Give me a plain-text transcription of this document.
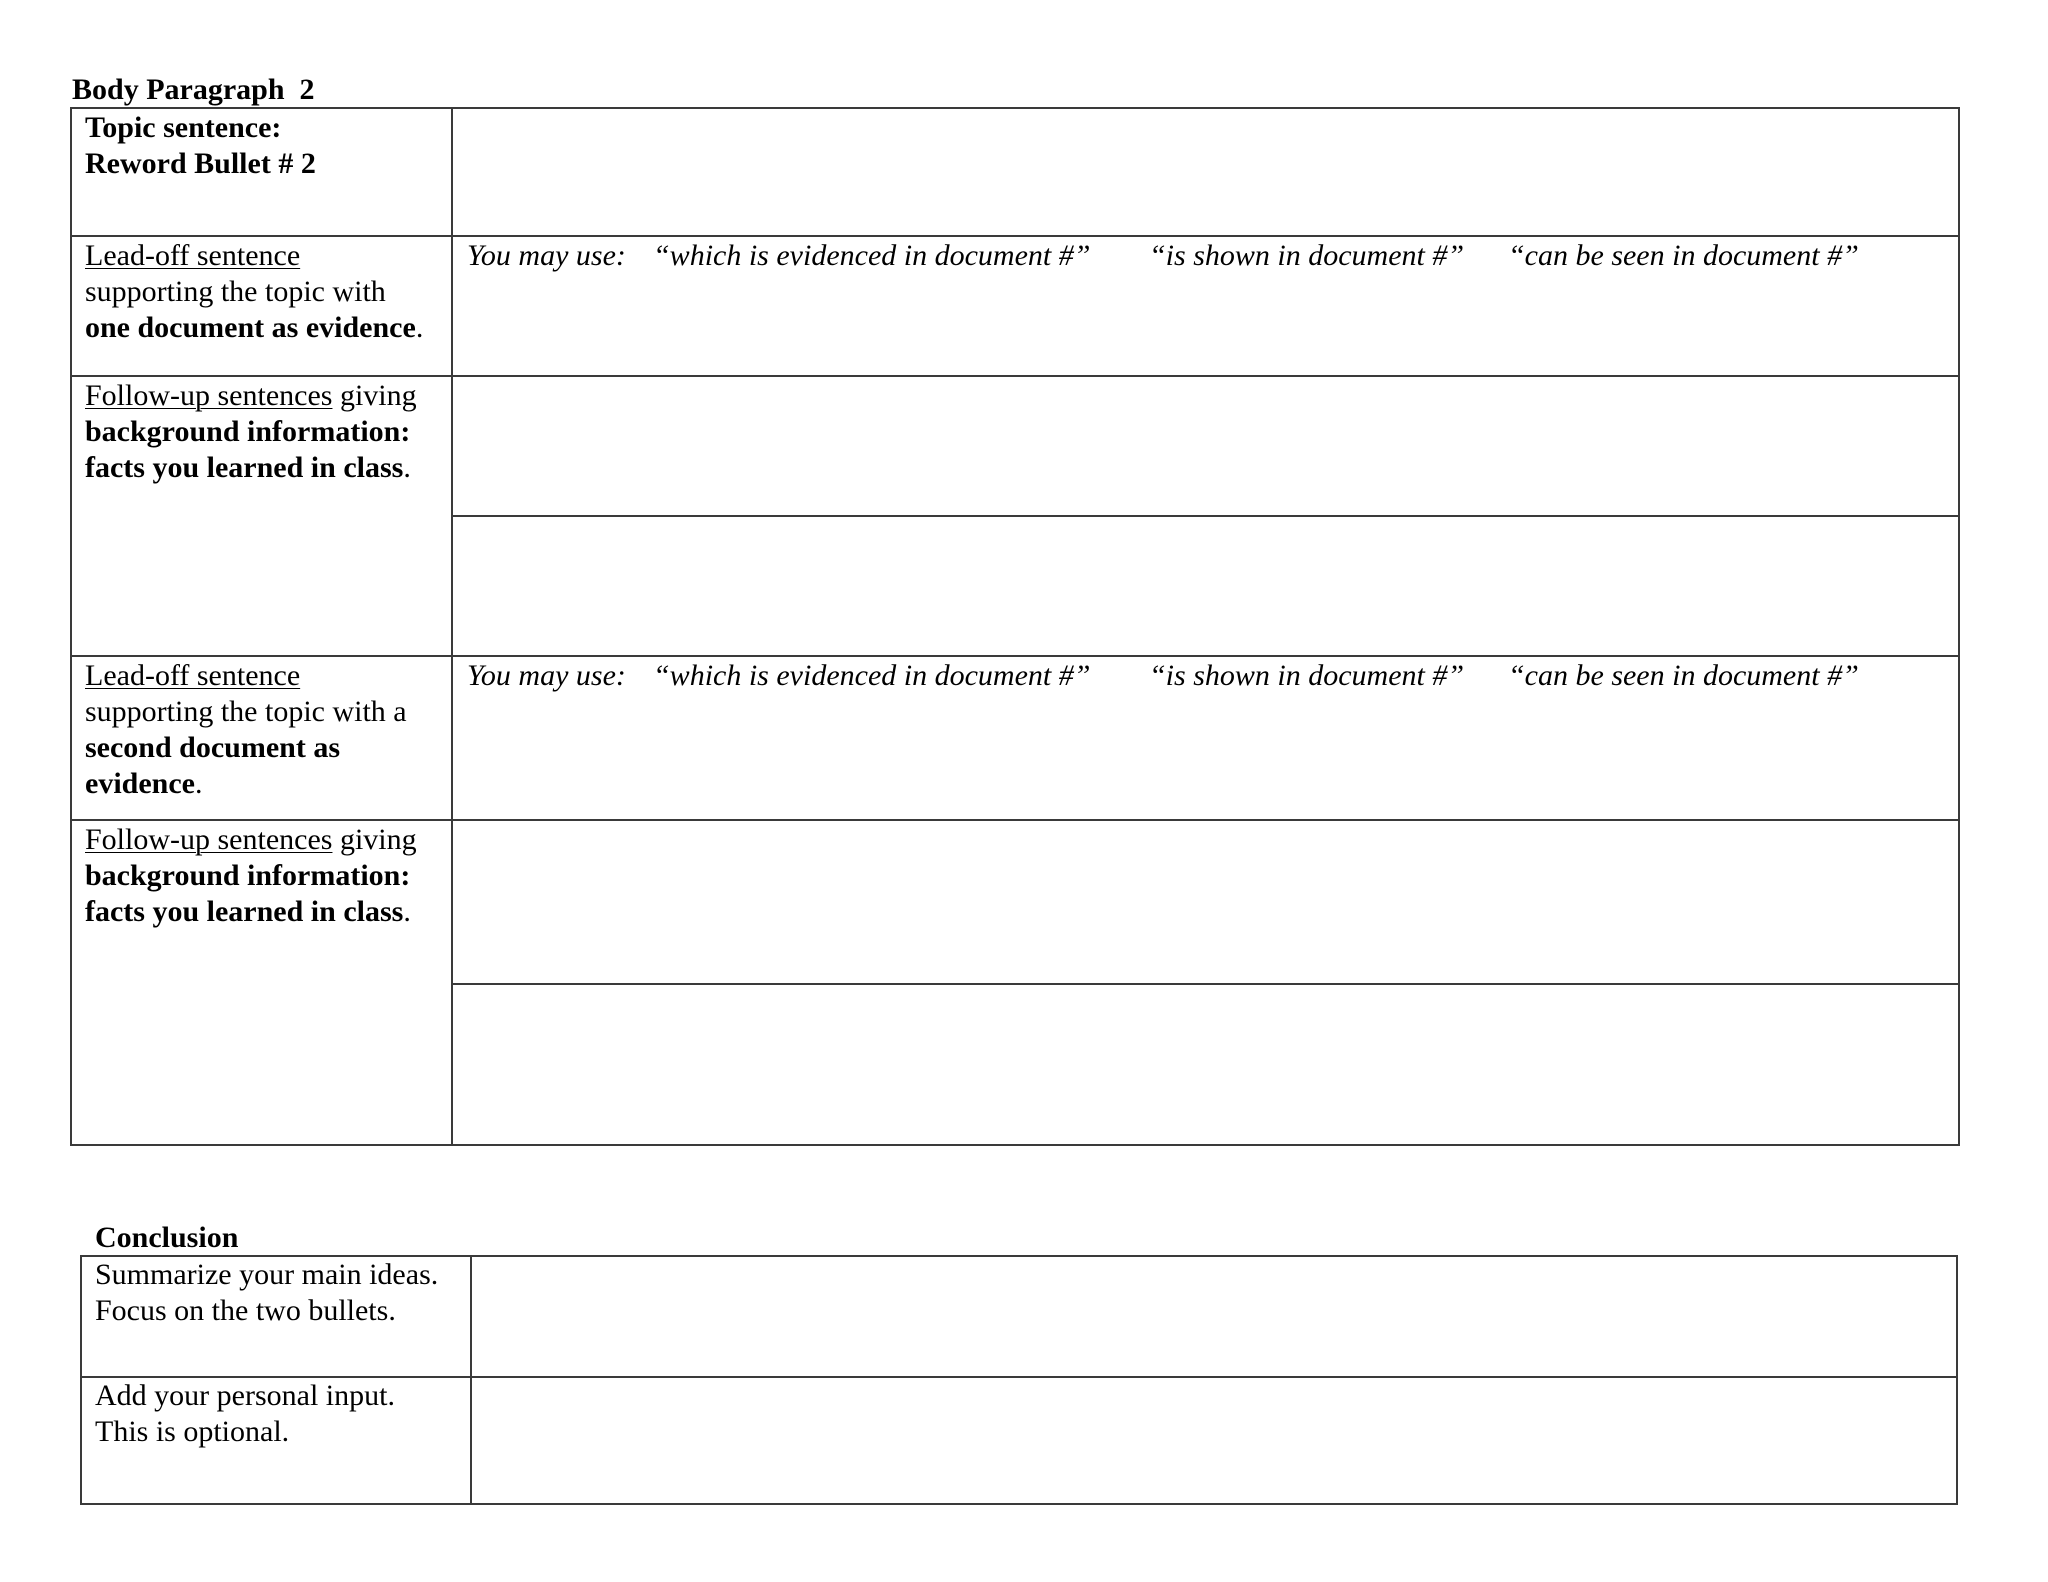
Body Paragraph  2
Topic sentence:
Reword Bullet # 2
Lead-off sentence
supporting the topic with
one document as evidence.
You may use: “which is evidenced in document #” “is shown in document #” “can be seen in document #”
Follow-up sentences giving
background information:
facts you learned in class.
Lead-off sentence
supporting the topic with a
second document as
evidence.
You may use: “which is evidenced in document #” “is shown in document #” “can be seen in document #”
Follow-up sentences giving
background information:
facts you learned in class.
Conclusion
Summarize your main ideas.
Focus on the two bullets.
Add your personal input.
This is optional.
